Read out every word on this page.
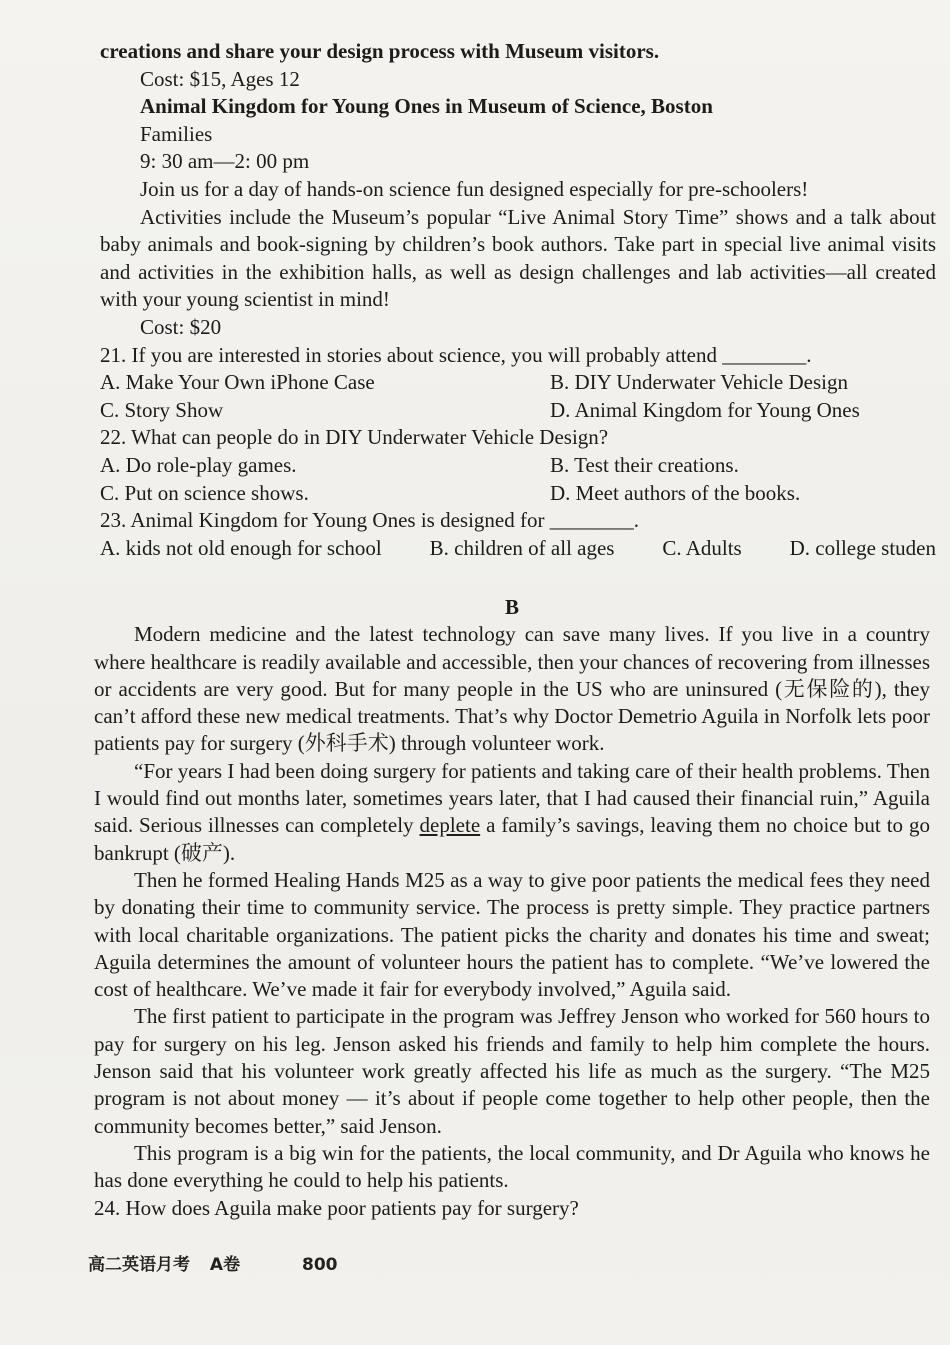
creations and share your design process with Museum visitors.

Cost: $15, Ages 12

Animal Kingdom for Young Ones in Museum of Science, Boston

Families

9: 30 am—2: 00 pm

Join us for a day of hands-on science fun designed especially for pre-schoolers!

Activities include the Museum’s popular “Live Animal Story Time” shows and a talk about baby animals and book-signing by children’s book authors. Take part in special live animal visits and activities in the exhibition halls, as well as design challenges and lab activities—all created with your young scientist in mind!

Cost: $20

21. If you are interested in stories about science, you will probably attend ________.

A. Make Your Own iPhone Case	B. DIY Underwater Vehicle Design
C. Story Show	D. Animal Kingdom for Young Ones

22. What can people do in DIY Underwater Vehicle Design?

A. Do role-play games.	B. Test their creations.
C. Put on science shows.	D. Meet authors of the books.

23. Animal Kingdom for Young Ones is designed for ________.

A. kids not old enough for school B. children of all ages C. Adults D. college studen

B

Modern medicine and the latest technology can save many lives. If you live in a country where healthcare is readily available and accessible, then your chances of recovering from illnesses or accidents are very good. But for many people in the US who are uninsured (无保险的), they can’t afford these new medical treatments. That’s why Doctor Demetrio Aguila in Norfolk lets poor patients pay for surgery (外科手术) through volunteer work.

“For years I had been doing surgery for patients and taking care of their health problems. Then I would find out months later, sometimes years later, that I had caused their financial ruin,” Aguila said. Serious illnesses can completely deplete a family’s savings, leaving them no choice but to go bankrupt (破产).

Then he formed Healing Hands M25 as a way to give poor patients the medical fees they need by donating their time to community service. The process is pretty simple. They practice partners with local charitable organizations. The patient picks the charity and donates his time and sweat; Aguila determines the amount of volunteer hours the patient has to complete. “We’ve lowered the cost of healthcare. We’ve made it fair for everybody involved,” Aguila said.

The first patient to participate in the program was Jeffrey Jenson who worked for 560 hours to pay for surgery on his leg. Jenson asked his friends and family to help him complete the hours. Jenson said that his volunteer work greatly affected his life as much as the surgery. “The M25 program is not about money — it’s about if people come together to help other people, then the community becomes better,” said Jenson.

This program is a big win for the patients, the local community, and Dr Aguila who knows he has done everything he could to help his patients.

24. How does Aguila make poor patients pay for surgery?

高二英语月考 A卷	800
